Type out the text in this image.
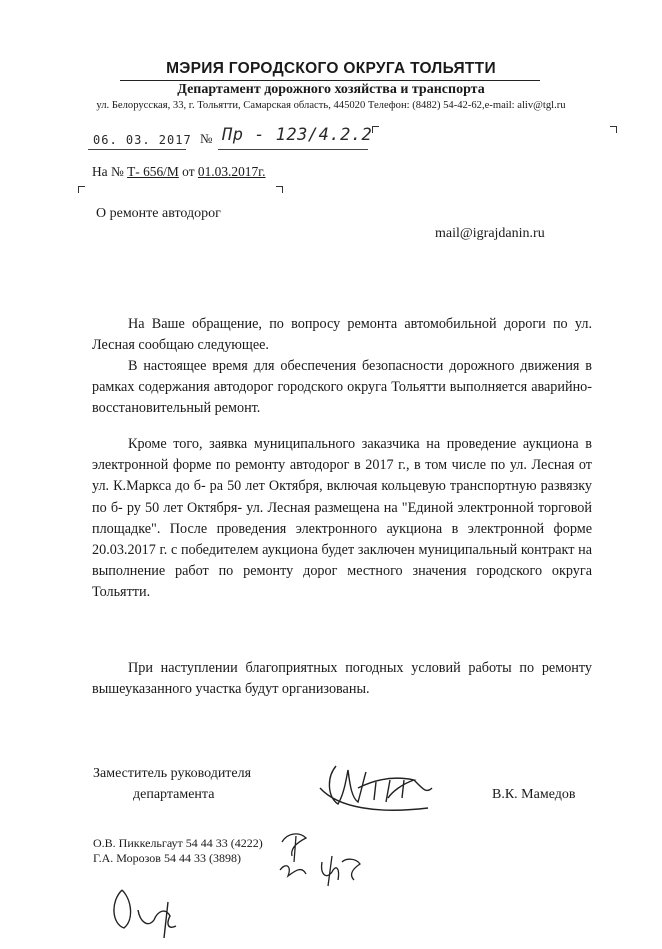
МЭРИЯ ГОРОДСКОГО ОКРУГА ТОЛЬЯТТИ
Департамент дорожного хозяйства и транспорта
ул. Белорусская, 33, г. Тольятти, Самарская область, 445020 Телефон: (8482) 54-42-62,е-mail: aliv@tgl.ru
06. 03. 2017 № Пр - 123/4.2.2
На № Т- 656/М от 01.03.2017г.
О ремонте автодорог
mail@igrajdanin.ru

На Ваше обращение, по вопросу ремонта автомобильной дороги по ул. Лесная сообщаю следующее.

В настоящее время для обеспечения безопасности дорожного движения в рамках содержания автодорог городского округа Тольятти выполняется аварийно- восстановительный ремонт.

Кроме того, заявка муниципального заказчика на проведение аукциона в электронной форме по ремонту автодорог в 2017 г., в том числе по ул. Лесная от ул. К.Маркса до б- ра 50 лет Октября, включая кольцевую транспортную развязку по б- ру 50 лет Октября- ул. Лесная размещена на "Единой электронной торговой площадке". После проведения электронного аукциона в электронной форме 20.03.2017 г. с победителем аукциона будет заключен муниципальный контракт на выполнение работ по ремонту дорог местного значения городского округа Тольятти.

При наступлении благоприятных погодных условий работы по ремонту вышеуказанного участка будут организованы.

Заместитель руководителя
департамента	В.К. Мамедов
О.В. Пиккельгаут 54 44 33 (4222)
Г.А. Морозов 54 44 33 (3898)
